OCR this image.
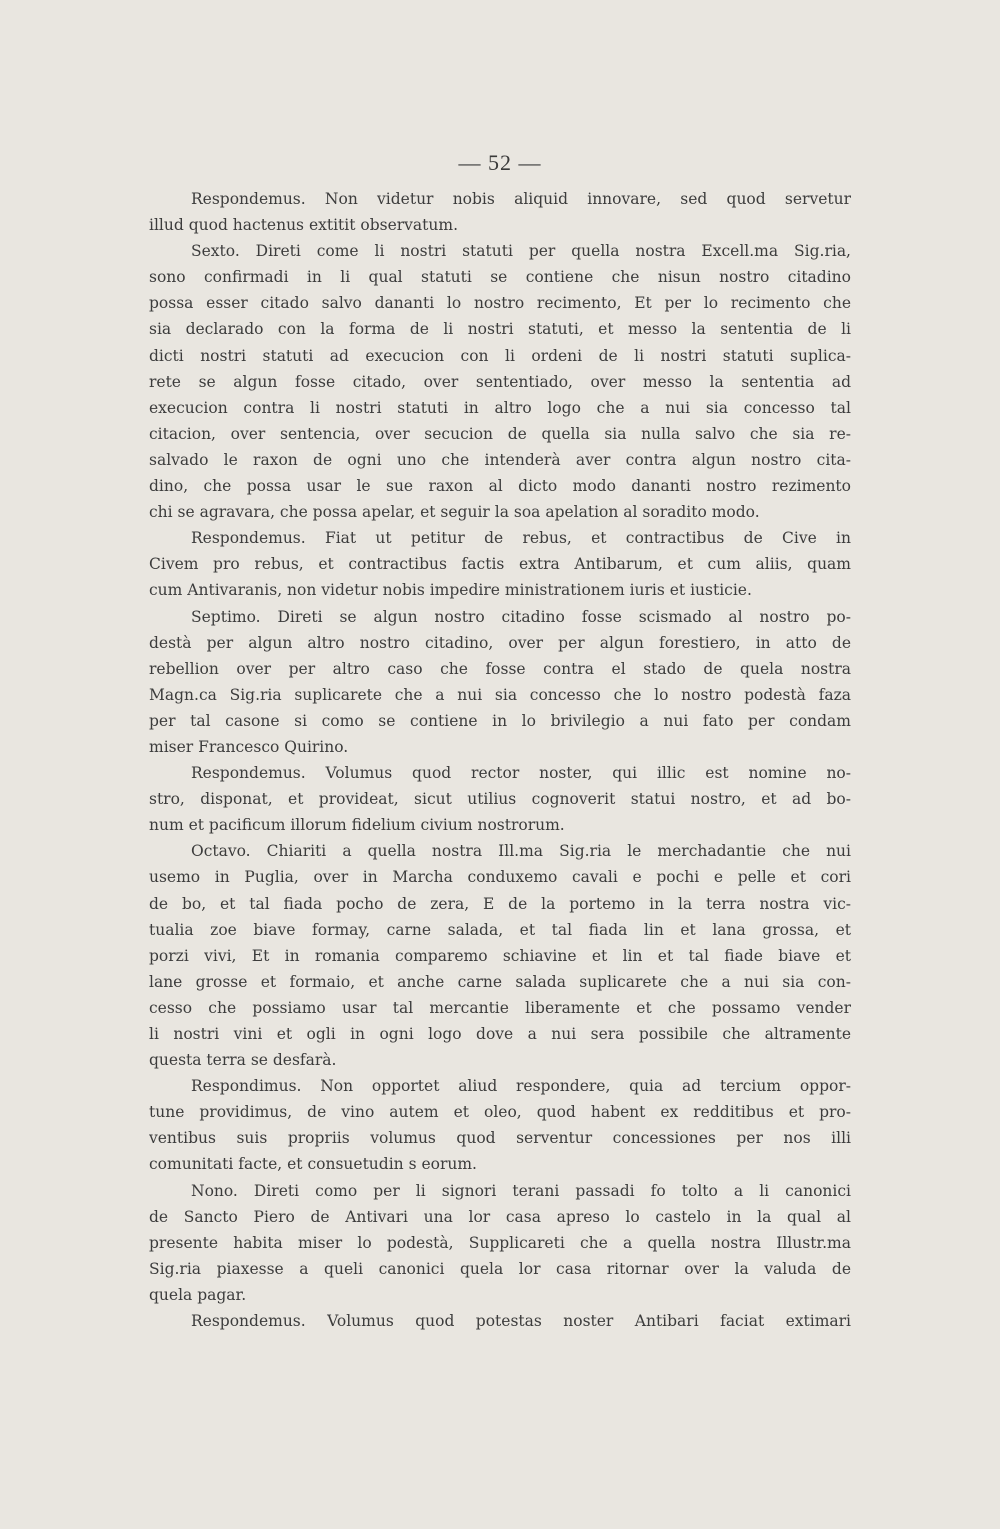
— 52 —
Respondemus. Non videtur nobis aliquid innovare, sed quod servetur
illud quod hactenus extitit observatum.
Sexto. Direti come li nostri statuti per quella nostra Excell.ma Sig.ria,
sono confirmadi in li qual statuti se contiene che nisun nostro citadino
possa esser citado salvo dananti lo nostro recimento, Et per lo recimento che
sia declarado con la forma de li nostri statuti, et messo la sententia de li
dicti nostri statuti ad execucion con li ordeni de li nostri statuti suplica-
rete se algun fosse citado, over sententiado, over messo la sententia ad
execucion contra li nostri statuti in altro logo che a nui sia concesso tal
citacion, over sentencia, over secucion de quella sia nulla salvo che sia re-
salvado le raxon de ogni uno che intenderà aver contra algun nostro cita-
dino, che possa usar le sue raxon al dicto modo dananti nostro rezimento
chi se agravara, che possa apelar, et seguir la soa apelation al soradito modo.
Respondemus. Fiat ut petitur de rebus, et contractibus de Cive in
Civem pro rebus, et contractibus factis extra Antibarum, et cum aliis, quam
cum Antivaranis, non videtur nobis impedire ministrationem iuris et iusticie.
Septimo. Direti se algun nostro citadino fosse scismado al nostro po-
destà per algun altro nostro citadino, over per algun forestiero, in atto de
rebellion over per altro caso che fosse contra el stado de quela nostra
Magn.ca Sig.ria suplicarete che a nui sia concesso che lo nostro podestà faza
per tal casone si como se contiene in lo brivilegio a nui fato per condam
miser Francesco Quirino.
Respondemus. Volumus quod rector noster, qui illic est nomine no-
stro, disponat, et provideat, sicut utilius cognoverit statui nostro, et ad bo-
num et pacificum illorum fidelium civium nostrorum.
Octavo. Chiariti a quella nostra Ill.ma Sig.ria le merchadantie che nui
usemo in Puglia, over in Marcha conduxemo cavali e pochi e pelle et cori
de bo, et tal fiada pocho de zera, E de la portemo in la terra nostra vic-
tualia zoe biave formay, carne salada, et tal fiada lin et lana grossa, et
porzi vivi, Et in romania comparemo schiavine et lin et tal fiade biave et
lane grosse et formaio, et anche carne salada suplicarete che a nui sia con-
cesso che possiamo usar tal mercantie liberamente et che possamo vender
li nostri vini et ogli in ogni logo dove a nui sera possibile che altramente
questa terra se desfarà.
Respondimus. Non opportet aliud respondere, quia ad tercium oppor-
tune providimus, de vino autem et oleo, quod habent ex redditibus et pro-
ventibus suis propriis volumus quod serventur concessiones per nos illi
comunitati facte, et consuetudin s eorum.
Nono. Direti como per li signori terani passadi fo tolto a li canonici
de Sancto Piero de Antivari una lor casa apreso lo castelo in la qual al
presente habita miser lo podestà, Supplicareti che a quella nostra Illustr.ma
Sig.ria piaxesse a queli canonici quela lor casa ritornar over la valuda de
quela pagar.
Respondemus. Volumus quod potestas noster Antibari faciat extimari
